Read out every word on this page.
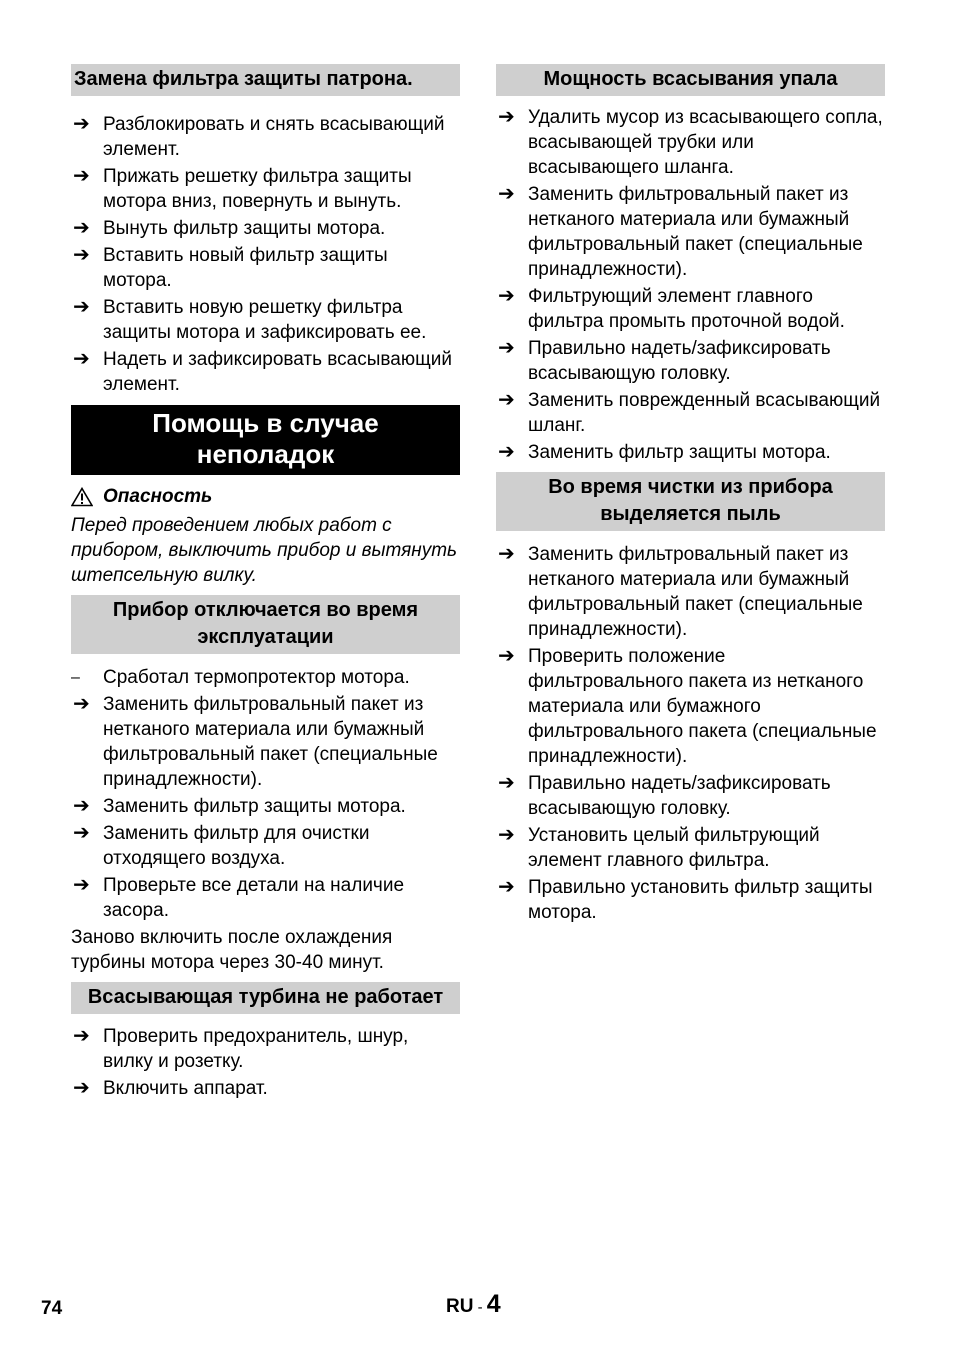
Замена фильтра защиты патрона.
➔ Разблокировать и снять всасывающий элемент.
➔ Прижать решетку фильтра защиты мотора вниз, повернуть и вынуть.
➔ Вынуть фильтр защиты мотора.
➔ Вставить новый фильтр защиты мотора.
➔ Вставить новую решетку фильтра защиты мотора и зафиксировать ее.
➔ Надеть и зафиксировать всасывающий элемент.
Помощь в случае неполадок
Опасность

Перед проведением любых работ с прибором, выключить прибор и вытянуть штепсельную вилку.

Прибор отключается во время эксплуатации
–	Сработал термопротектор мотора.
➔ Заменить фильтровальный пакет из нетканого материала или бумажный фильтровальный пакет (специальные принадлежности).
➔ Заменить фильтр защиты мотора.
➔ Заменить фильтр для очистки отходящего воздуха.
➔ Проверьте все детали на наличие засора.

Заново включить после охлаждения турбины мотора через 30-40 минут.

Всасывающая турбина не работает
➔ Проверить предохранитель, шнур, вилку и розетку.
➔ Включить аппарат.
Мощность всасывания упала
➔ Удалить мусор из всасывающего сопла, всасывающей трубки или всасывающего шланга.
➔ Заменить фильтровальный пакет из нетканого материала или бумажный фильтровальный пакет (специальные принадлежности).
➔ Фильтрующий элемент главного фильтра промыть проточной водой.
➔ Правильно надеть/зафиксировать всасывающую головку.
➔ Заменить поврежденный всасывающий шланг.
➔ Заменить фильтр защиты мотора.
Во время чистки из прибора выделяется пыль
➔ Заменить фильтровальный пакет из нетканого материала или бумажный фильтровальный пакет (специальные принадлежности).
➔ Проверить положение фильтровального пакета из нетканого материала или бумажного фильтровального пакета (специальные принадлежности).
➔ Правильно надеть/зафиксировать всасывающую головку.
➔ Установить целый фильтрующий элемент главного фильтра.
➔ Правильно установить фильтр защиты мотора.
74	RU - 4
